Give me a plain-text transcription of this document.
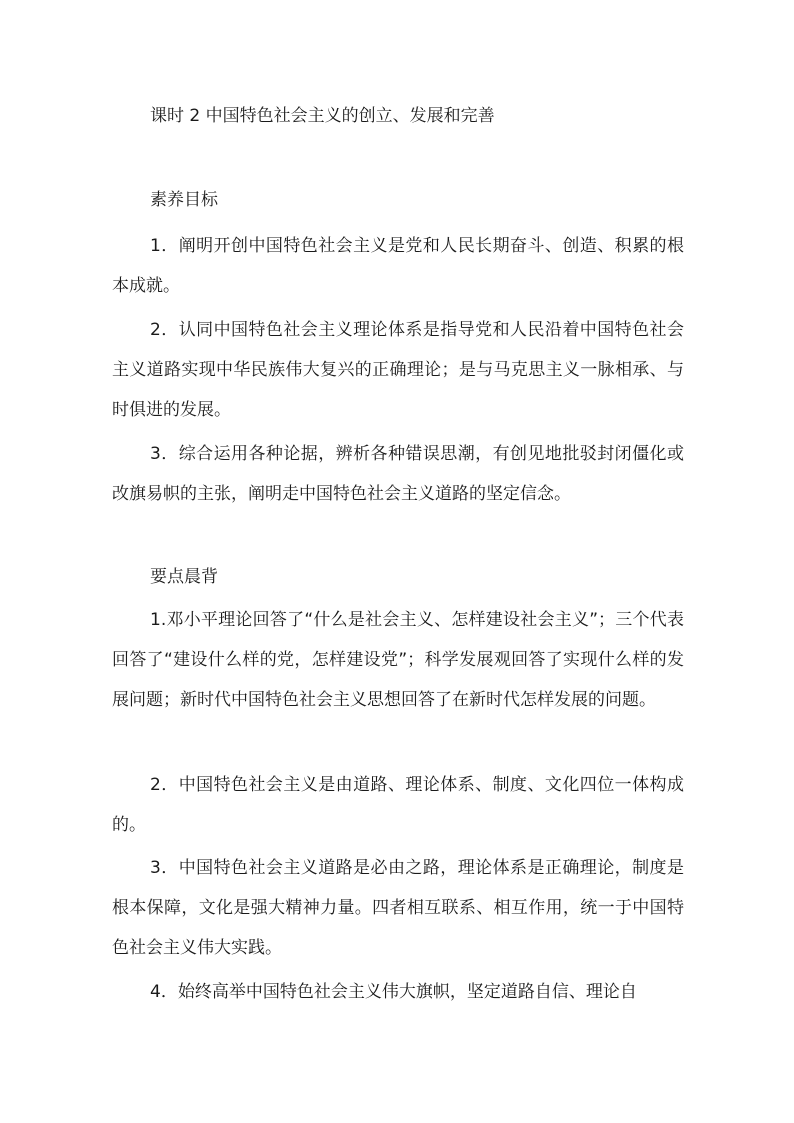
课时 2 中国特色社会主义的创立、发展和完善
素养目标

1．阐明开创中国特色社会主义是党和人民长期奋斗、创造、积累的根本成就。

2．认同中国特色社会主义理论体系是指导党和人民沿着中国特色社会主义道路实现中华民族伟大复兴的正确理论；是与马克思主义一脉相承、与时俱进的发展。

3．综合运用各种论据，辨析各种错误思潮，有创见地批驳封闭僵化或改旗易帜的主张，阐明走中国特色社会主义道路的坚定信念。

要点晨背

1.邓小平理论回答了“什么是社会主义、怎样建设社会主义”；三个代表回答了“建设什么样的党，怎样建设党”；科学发展观回答了实现什么样的发展问题；新时代中国特色社会主义思想回答了在新时代怎样发展的问题。

2．中国特色社会主义是由道路、理论体系、制度、文化四位一体构成的。

3．中国特色社会主义道路是必由之路，理论体系是正确理论，制度是根本保障，文化是强大精神力量。四者相互联系、相互作用，统一于中国特色社会主义伟大实践。

4．始终高举中国特色社会主义伟大旗帜，坚定道路自信、理论自
